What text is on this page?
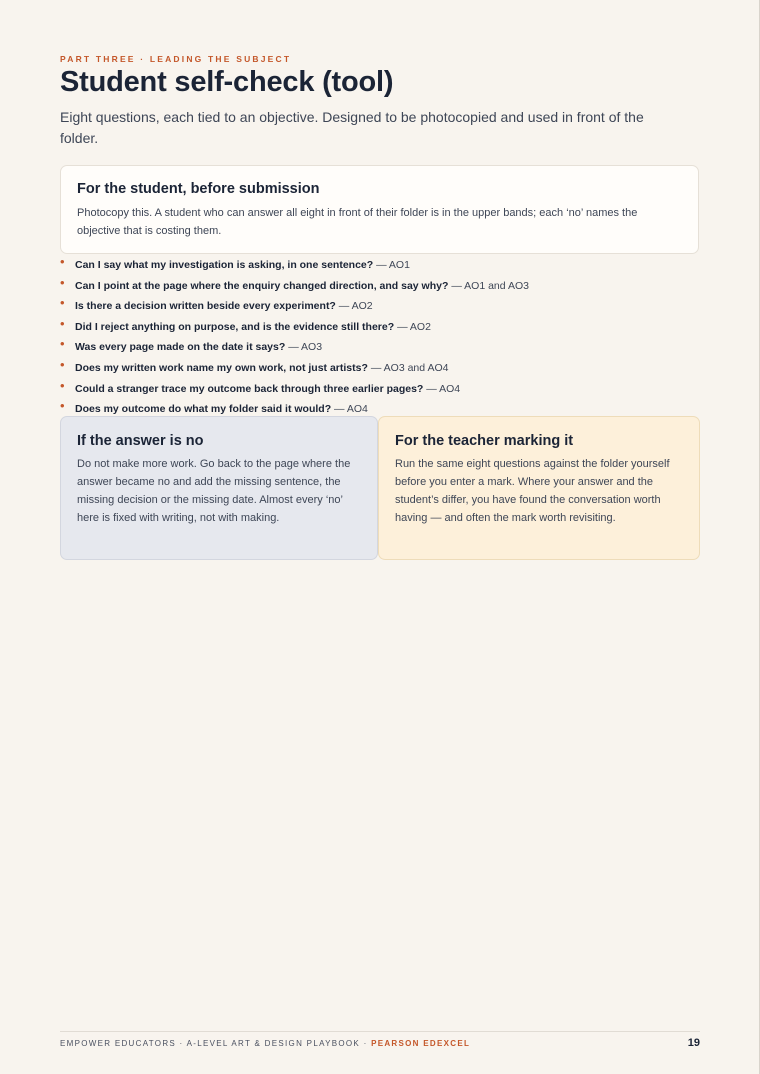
PART THREE · LEADING THE SUBJECT
Student self-check (tool)

Eight questions, each tied to an objective. Designed to be photocopied and used in front of the folder.

For the student, before submission

Photocopy this. A student who can answer all eight in front of their folder is in the upper bands; each ‘no’ names the objective that is costing them.

• Can I say what my investigation is asking, in one sentence? — AO1
• Can I point at the page where the enquiry changed direction, and say why? — AO1 and AO3
• Is there a decision written beside every experiment? — AO2
• Did I reject anything on purpose, and is the evidence still there? — AO2
• Was every page made on the date it says? — AO3
• Does my written work name my own work, not just artists? — AO3 and AO4
• Could a stranger trace my outcome back through three earlier pages? — AO4
• Does my outcome do what my folder said it would? — AO4
If the answer is no

Do not make more work. Go back to the page where the answer became no and add the missing sentence, the missing decision or the missing date. Almost every ‘no’ here is fixed with writing, not with making.

For the teacher marking it

Run the same eight questions against the folder yourself before you enter a mark. Where your answer and the student’s differ, you have found the conversation worth having — and often the mark worth revisiting.

EMPOWER EDUCATORS · A-LEVEL ART & DESIGN PLAYBOOK · PEARSON EDEXCEL	19
